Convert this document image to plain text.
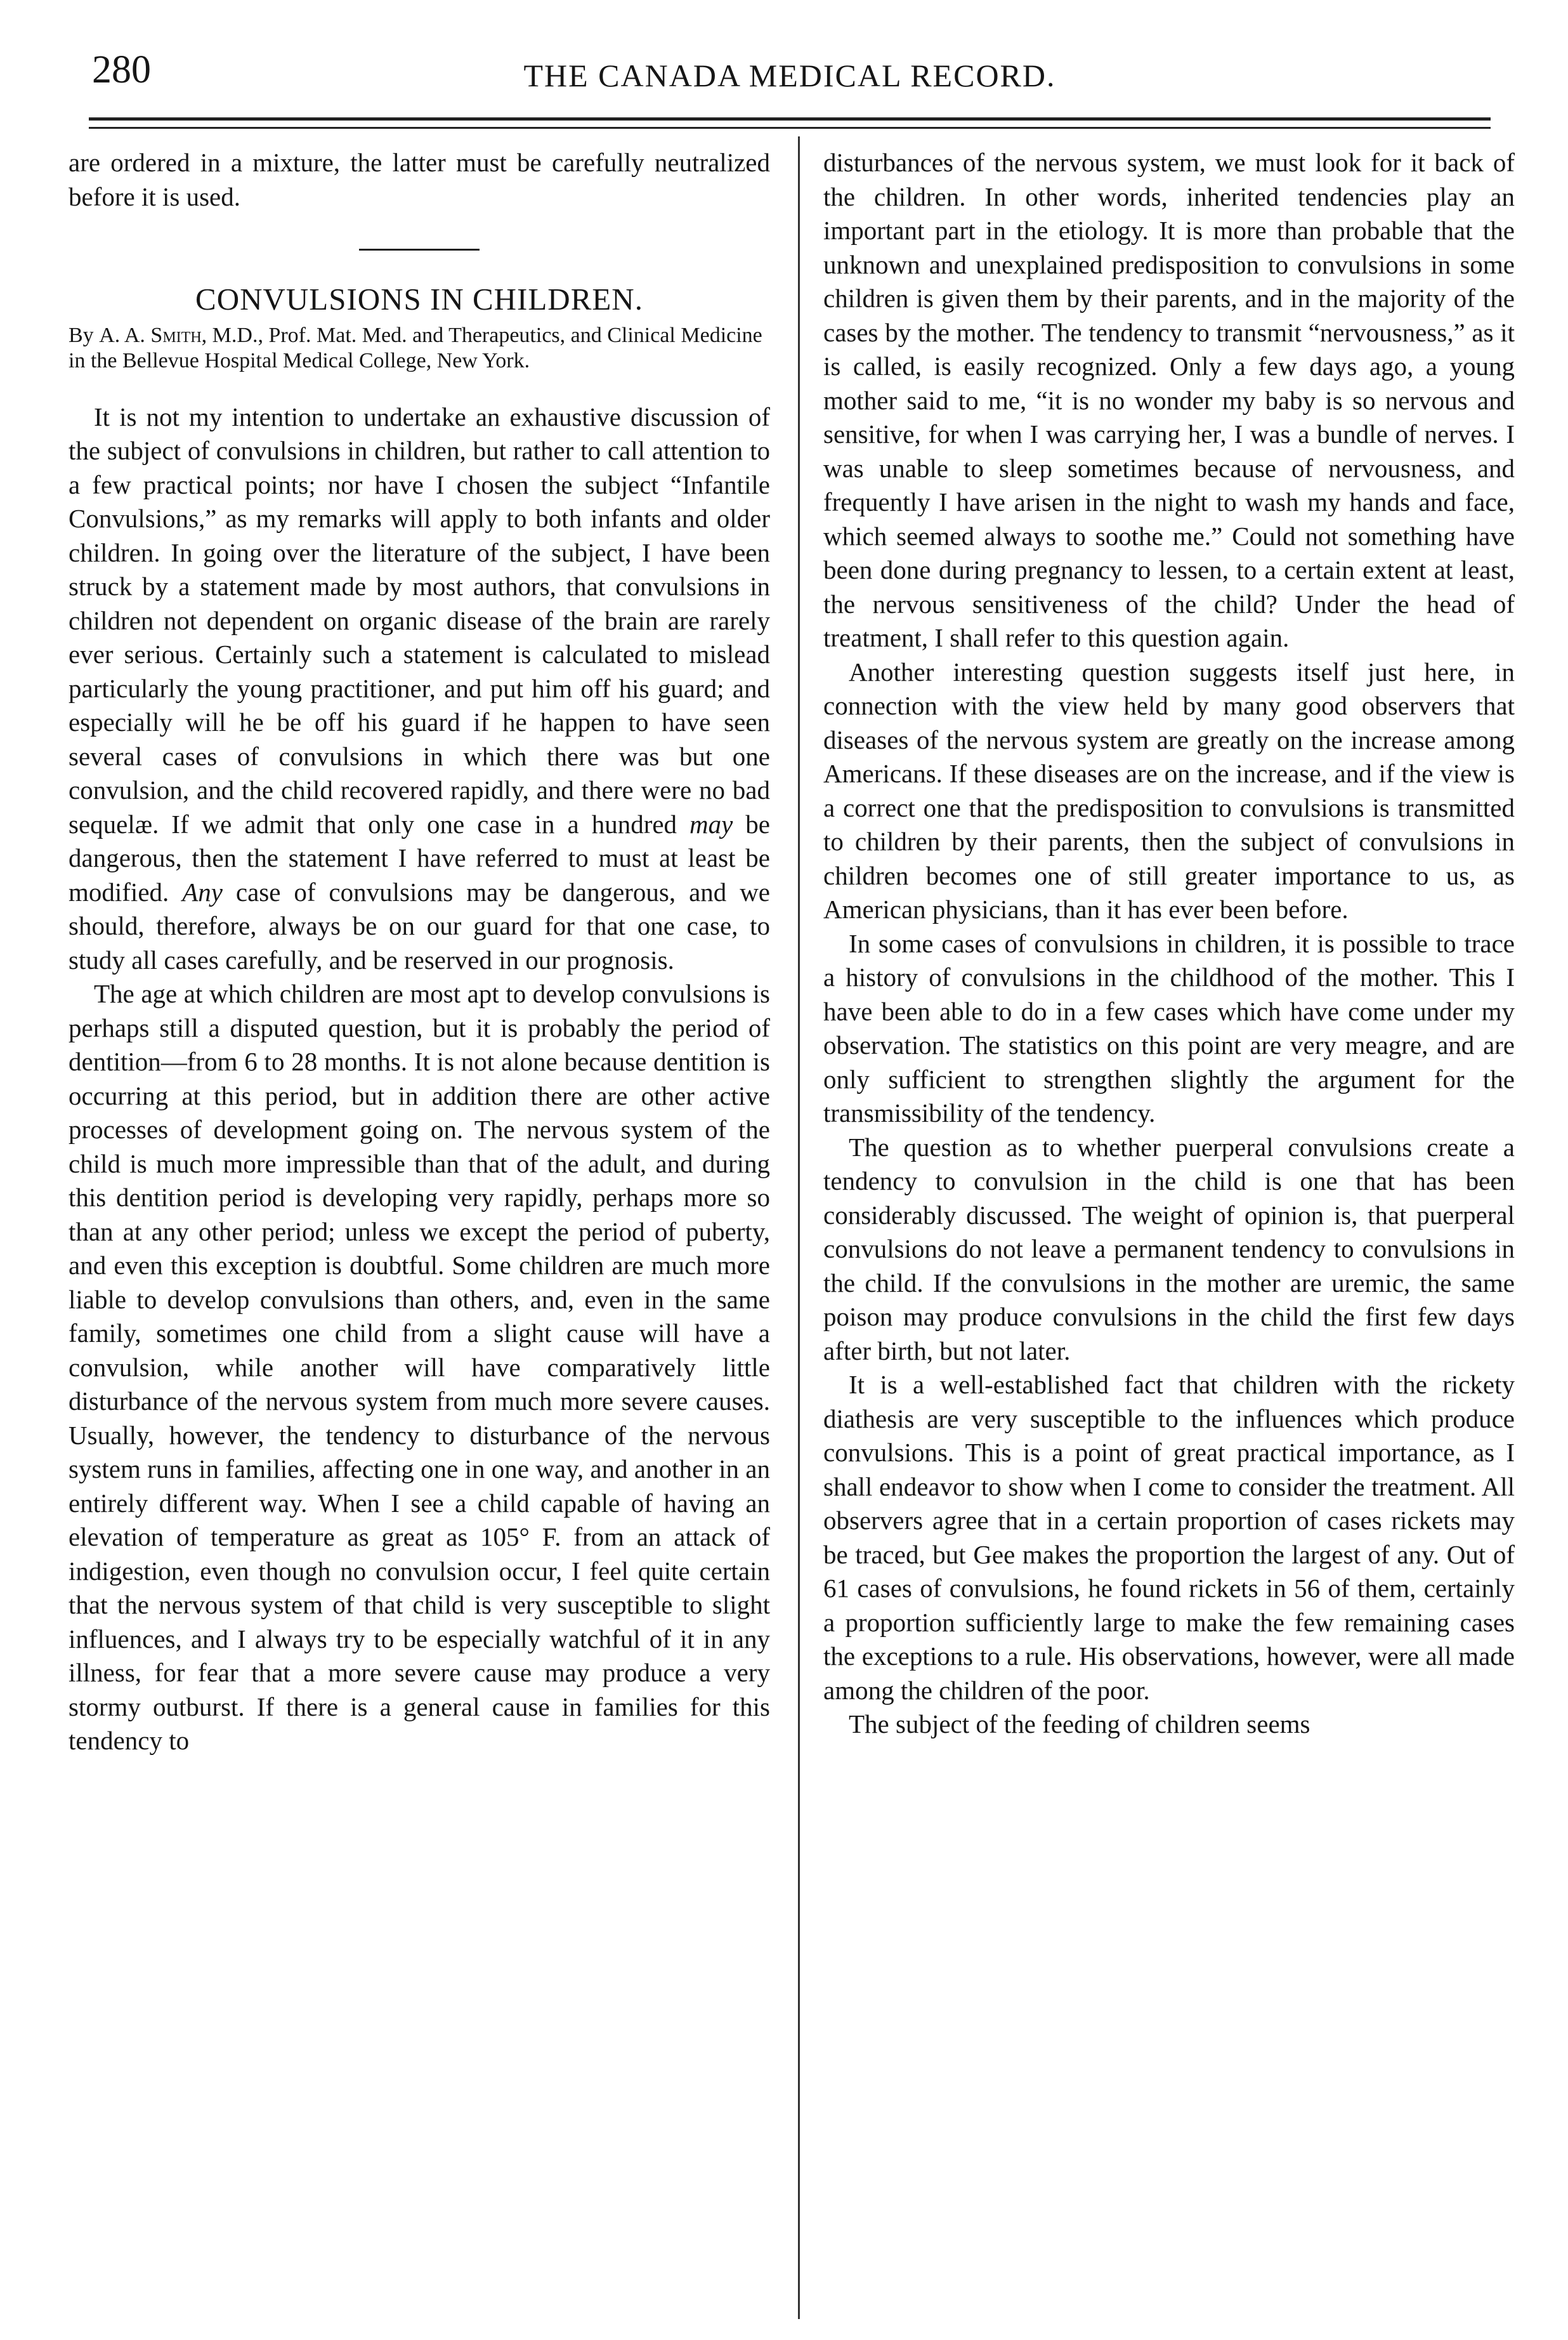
280	THE CANADA MEDICAL RECORD.

are ordered in a mixture, the latter must be carefully neutralized before it is used.

CONVULSIONS IN CHILDREN.

By A. A. Smith, M.D., Prof. Mat. Med. and Therapeutics, and Clinical Medicine in the Bellevue Hospital Medical College, New York.

It is not my intention to undertake an exhaustive discussion of the subject of convulsions in children, but rather to call attention to a few practical points; nor have I chosen the subject “Infantile Convulsions,” as my remarks will apply to both infants and older children. In going over the literature of the subject, I have been struck by a statement made by most authors, that convulsions in children not dependent on organic disease of the brain are rarely ever serious. Certainly such a statement is calculated to mislead particularly the young practitioner, and put him off his guard; and especially will he be off his guard if he happen to have seen several cases of convulsions in which there was but one convulsion, and the child recovered rapidly, and there were no bad sequelæ. If we admit that only one case in a hundred may be dangerous, then the statement I have referred to must at least be modified. Any case of convulsions may be dangerous, and we should, therefore, always be on our guard for that one case, to study all cases carefully, and be reserved in our prognosis.

The age at which children are most apt to develop convulsions is perhaps still a disputed question, but it is probably the period of dentition—from 6 to 28 months. It is not alone because dentition is occurring at this period, but in addition there are other active processes of development going on. The nervous system of the child is much more impressible than that of the adult, and during this dentition period is developing very rapidly, perhaps more so than at any other period; unless we except the period of puberty, and even this exception is doubtful. Some children are much more liable to develop convulsions than others, and, even in the same family, sometimes one child from a slight cause will have a convulsion, while another will have comparatively little disturbance of the nervous system from much more severe causes. Usually, however, the tendency to disturbance of the nervous system runs in families, affecting one in one way, and another in an entirely different way. When I see a child capable of having an elevation of temperature as great as 105° F. from an attack of indigestion, even though no convulsion occur, I feel quite certain that the nervous system of that child is very susceptible to slight influences, and I always try to be especially watchful of it in any illness, for fear that a more severe cause may produce a very stormy outburst. If there is a general cause in families for this tendency to

disturbances of the nervous system, we must look for it back of the children. In other words, inherited tendencies play an important part in the etiology. It is more than probable that the unknown and unexplained predisposition to convulsions in some children is given them by their parents, and in the majority of the cases by the mother. The tendency to transmit “nervousness,” as it is called, is easily recognized. Only a few days ago, a young mother said to me, “it is no wonder my baby is so nervous and sensitive, for when I was carrying her, I was a bundle of nerves. I was unable to sleep sometimes because of nervousness, and frequently I have arisen in the night to wash my hands and face, which seemed always to soothe me.” Could not something have been done during pregnancy to lessen, to a certain extent at least, the nervous sensitiveness of the child? Under the head of treatment, I shall refer to this question again.

Another interesting question suggests itself just here, in connection with the view held by many good observers that diseases of the nervous system are greatly on the increase among Americans. If these diseases are on the increase, and if the view is a correct one that the predisposition to convulsions is transmitted to children by their parents, then the subject of convulsions in children becomes one of still greater importance to us, as American physicians, than it has ever been before.

In some cases of convulsions in children, it is possible to trace a history of convulsions in the childhood of the mother. This I have been able to do in a few cases which have come under my observation. The statistics on this point are very meagre, and are only sufficient to strengthen slightly the argument for the transmissibility of the tendency.

The question as to whether puerperal convulsions create a tendency to convulsion in the child is one that has been considerably discussed. The weight of opinion is, that puerperal convulsions do not leave a permanent tendency to convulsions in the child. If the convulsions in the mother are uremic, the same poison may produce convulsions in the child the first few days after birth, but not later.

It is a well-established fact that children with the rickety diathesis are very susceptible to the influences which produce convulsions. This is a point of great practical importance, as I shall endeavor to show when I come to consider the treatment. All observers agree that in a certain proportion of cases rickets may be traced, but Gee makes the proportion the largest of any. Out of 61 cases of convulsions, he found rickets in 56 of them, certainly a proportion sufficiently large to make the few remaining cases the exceptions to a rule. His observations, however, were all made among the children of the poor.

The subject of the feeding of children seems
